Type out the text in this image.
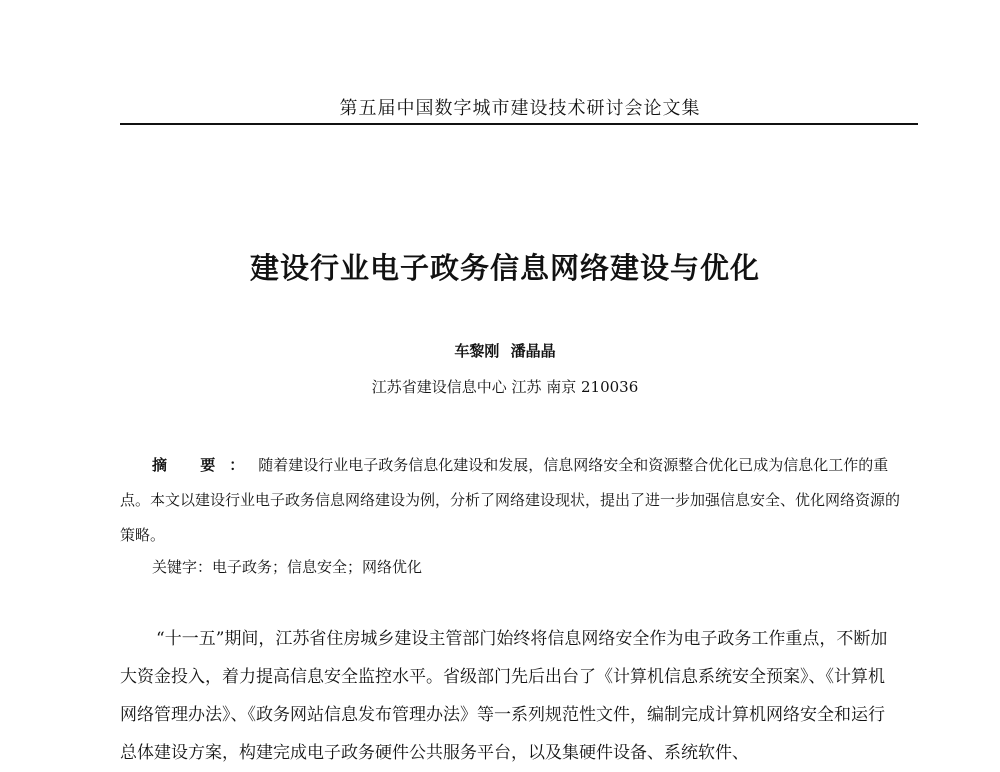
第五届中国数字城市建设技术研讨会论文集
建设行业电子政务信息网络建设与优化
车黎刚 潘晶晶
江苏省建设信息中心 江苏 南京 210036

摘 要：随着建设行业电子政务信息化建设和发展，信息网络安全和资源整合优化已成为信息化工作的重点。本文以建设行业电子政务信息网络建设为例，分析了网络建设现状，提出了进一步加强信息安全、优化网络资源的策略。

关键字：电子政务；信息安全；网络优化

“十一五”期间，江苏省住房城乡建设主管部门始终将信息网络安全作为电子政务工作重点，不断加大资金投入，着力提高信息安全监控水平。省级部门先后出台了《计算机信息系统安全预案》、《计算机网络管理办法》、《政务网站信息发布管理办法》等一系列规范性文件，编制完成计算机网络安全和运行总体建设方案，构建完成电子政务硬件公共服务平台，以及集硬件设备、系统软件、
